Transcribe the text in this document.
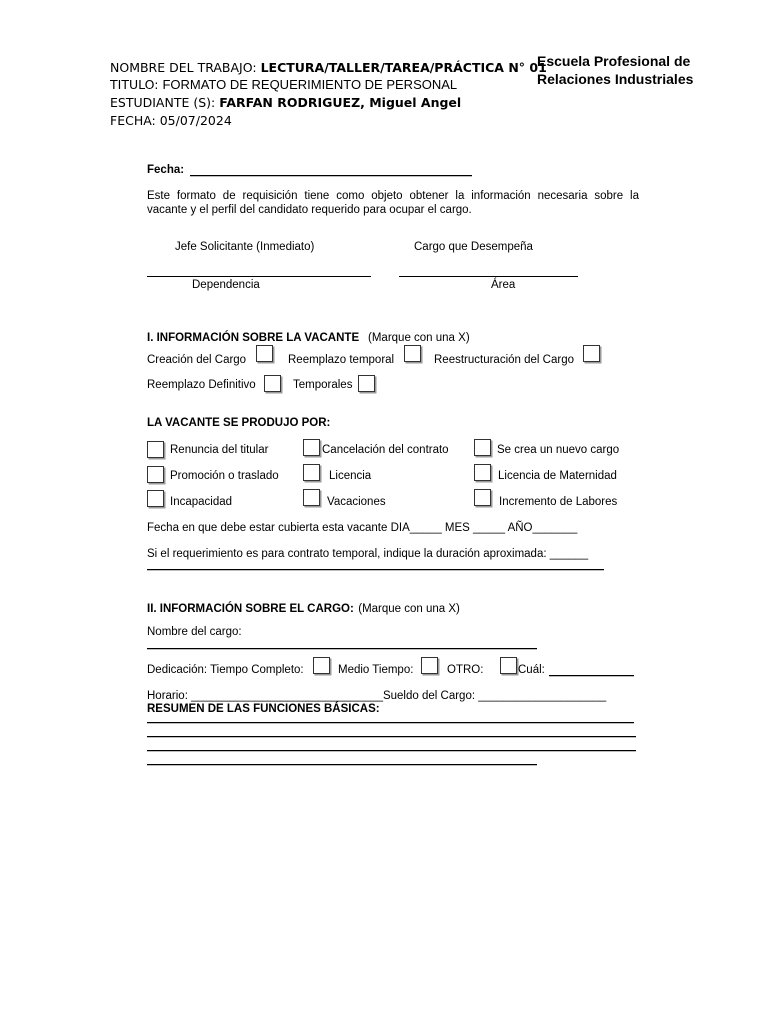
NOMBRE DEL TRABAJO: LECTURA/TALLER/TAREA/PRÁCTICA N° 01
TITULO: FORMATO DE REQUERIMIENTO DE PERSONAL
ESTUDIANTE (S): FARFAN RODRIGUEZ, Miguel Angel
FECHA: 05/07/2024
Escuela Profesional de
Relaciones Industriales
Fecha:
Este formato de requisición tiene como objeto obtener la información necesaria sobre la
vacante y el perfil del candidato requerido para ocupar el cargo.
Jefe Solicitante (Inmediato)	Cargo que Desempeña
Dependencia	Área
I. INFORMACIÓN SOBRE LA VACANTE (Marque con una X)
Creación del Cargo	Reemplazo temporal	Reestructuración del Cargo
Reemplazo Definitivo	Temporales
LA VACANTE SE PRODUJO POR:
Renuncia del titular	Cancelación del contrato	Se crea un nuevo cargo
Promoción o traslado	Licencia	Licencia de Maternidad
Incapacidad	Vacaciones	Incremento de Labores
Fecha en que debe estar cubierta esta vacante DIA_____ MES _____ AÑO_______
Si el requerimiento es para contrato temporal, indique la duración aproximada: ______
II. INFORMACIÓN SOBRE EL CARGO: (Marque con una X)
Nombre del cargo:
Dedicación: Tiempo Completo:	Medio Tiempo:	OTRO:	Cuál:
Horario: ______________________________Sueldo del Cargo: ____________________
RESUMEN DE LAS FUNCIONES BÁSICAS:
